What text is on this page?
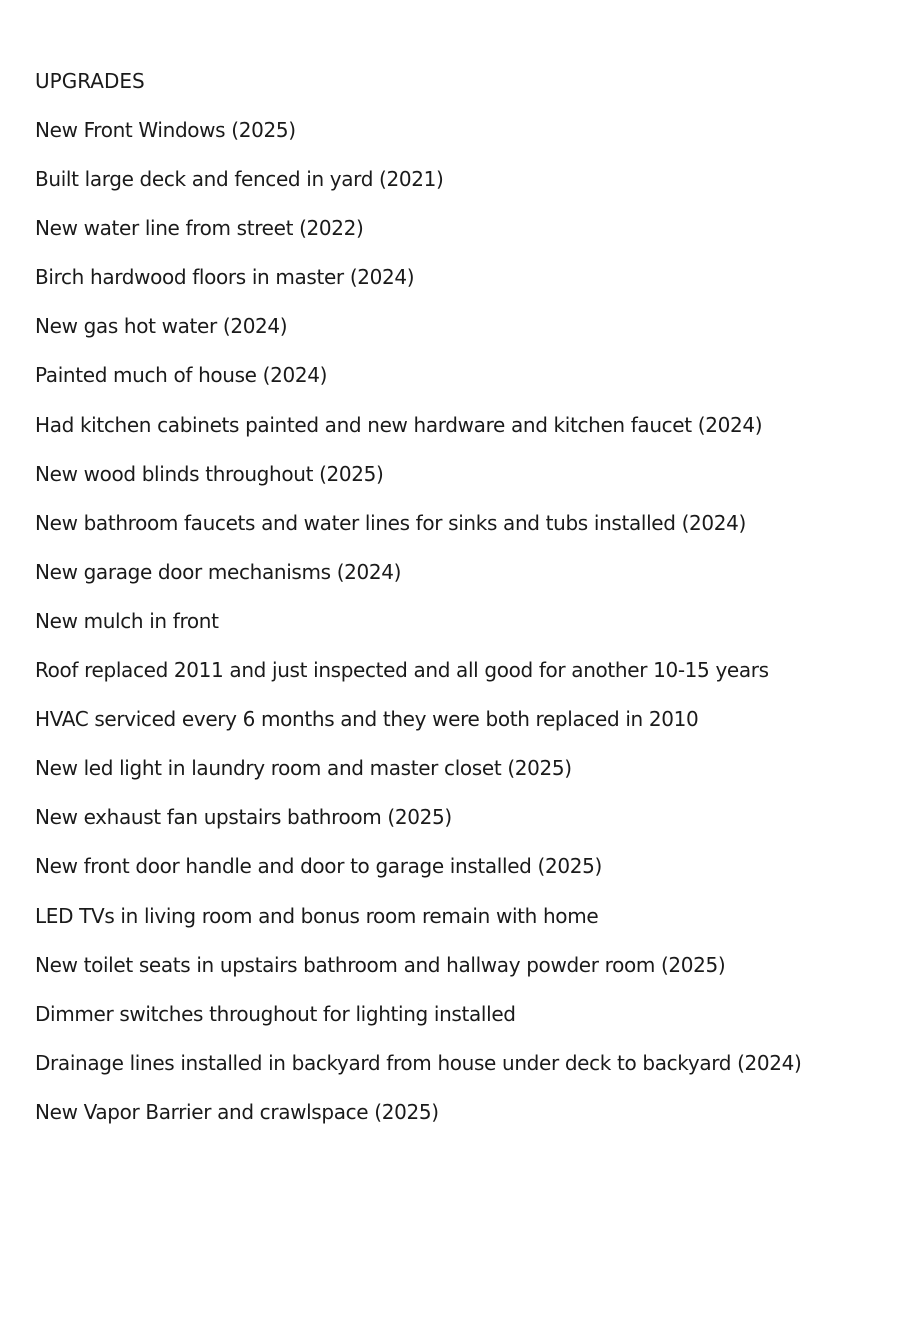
UPGRADES
New Front Windows (2025)
Built large deck and fenced in yard (2021)
New water line from street (2022)
Birch hardwood floors in master (2024)
New gas hot water (2024)
Painted much of house (2024)
Had kitchen cabinets painted and new hardware and kitchen faucet (2024)
New wood blinds throughout (2025)
New bathroom faucets and water lines for sinks and tubs installed (2024)
New garage door mechanisms (2024)
New mulch in front
Roof replaced 2011 and just inspected and all good for another 10-15 years
HVAC serviced every 6 months and they were both replaced in 2010
New led light in laundry room and master closet (2025)
New exhaust fan upstairs bathroom (2025)
New front door handle and door to garage installed (2025)
LED TVs in living room and bonus room remain with home
New toilet seats in upstairs bathroom and hallway powder room (2025)
Dimmer switches throughout for lighting installed
Drainage lines installed in backyard from house under deck to backyard (2024)
New Vapor Barrier and crawlspace (2025)
